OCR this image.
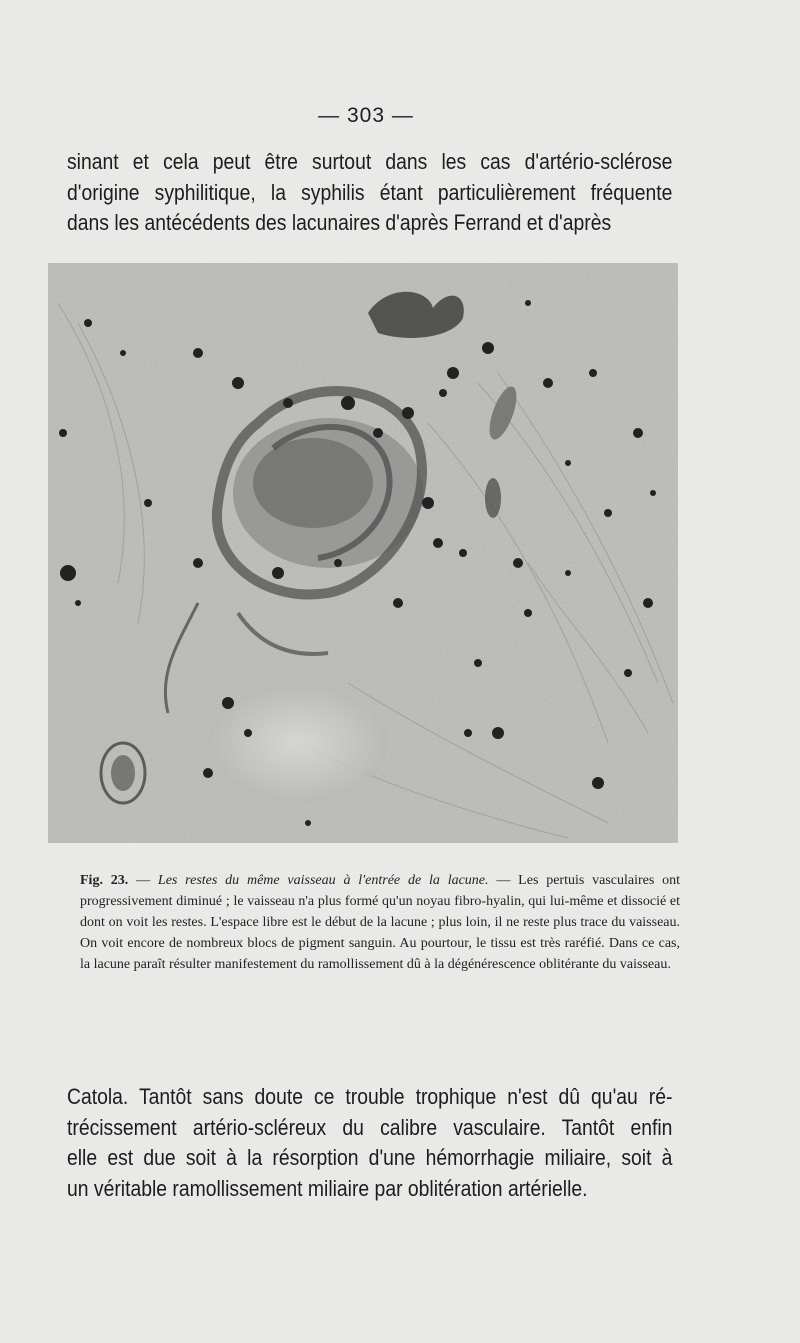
— 303 —
sinant et cela peut être surtout dans les cas d'artério-sclérose
d'origine syphilitique, la syphilis étant particulièrement fréquente
dans les antécédents des lacunaires d'après Ferrand et d'après
Fig. 23. — Les restes du même vaisseau à l'entrée de la lacune. — Les pertuis vasculaires ont progressivement diminué ; le vaisseau n'a plus formé qu'un noyau fibro-hyalin, qui lui-même et dissocié et dont on voit les restes. L'espace libre est le début de la lacune ; plus loin, il ne reste plus trace du vaisseau. On voit encore de nombreux blocs de pigment sanguin. Au pourtour, le tissu est très raréfié. Dans ce cas, la lacune paraît résulter manifestement du ramollissement dû à la dégénérescence oblitérante du vaisseau.
Catola. Tantôt sans doute ce trouble trophique n'est dû qu'au ré-
trécissement artério-scléreux du calibre vasculaire. Tantôt enfin
elle est due soit à la résorption d'une hémorrhagie miliaire, soit à
un véritable ramollissement miliaire par oblitération artérielle.
